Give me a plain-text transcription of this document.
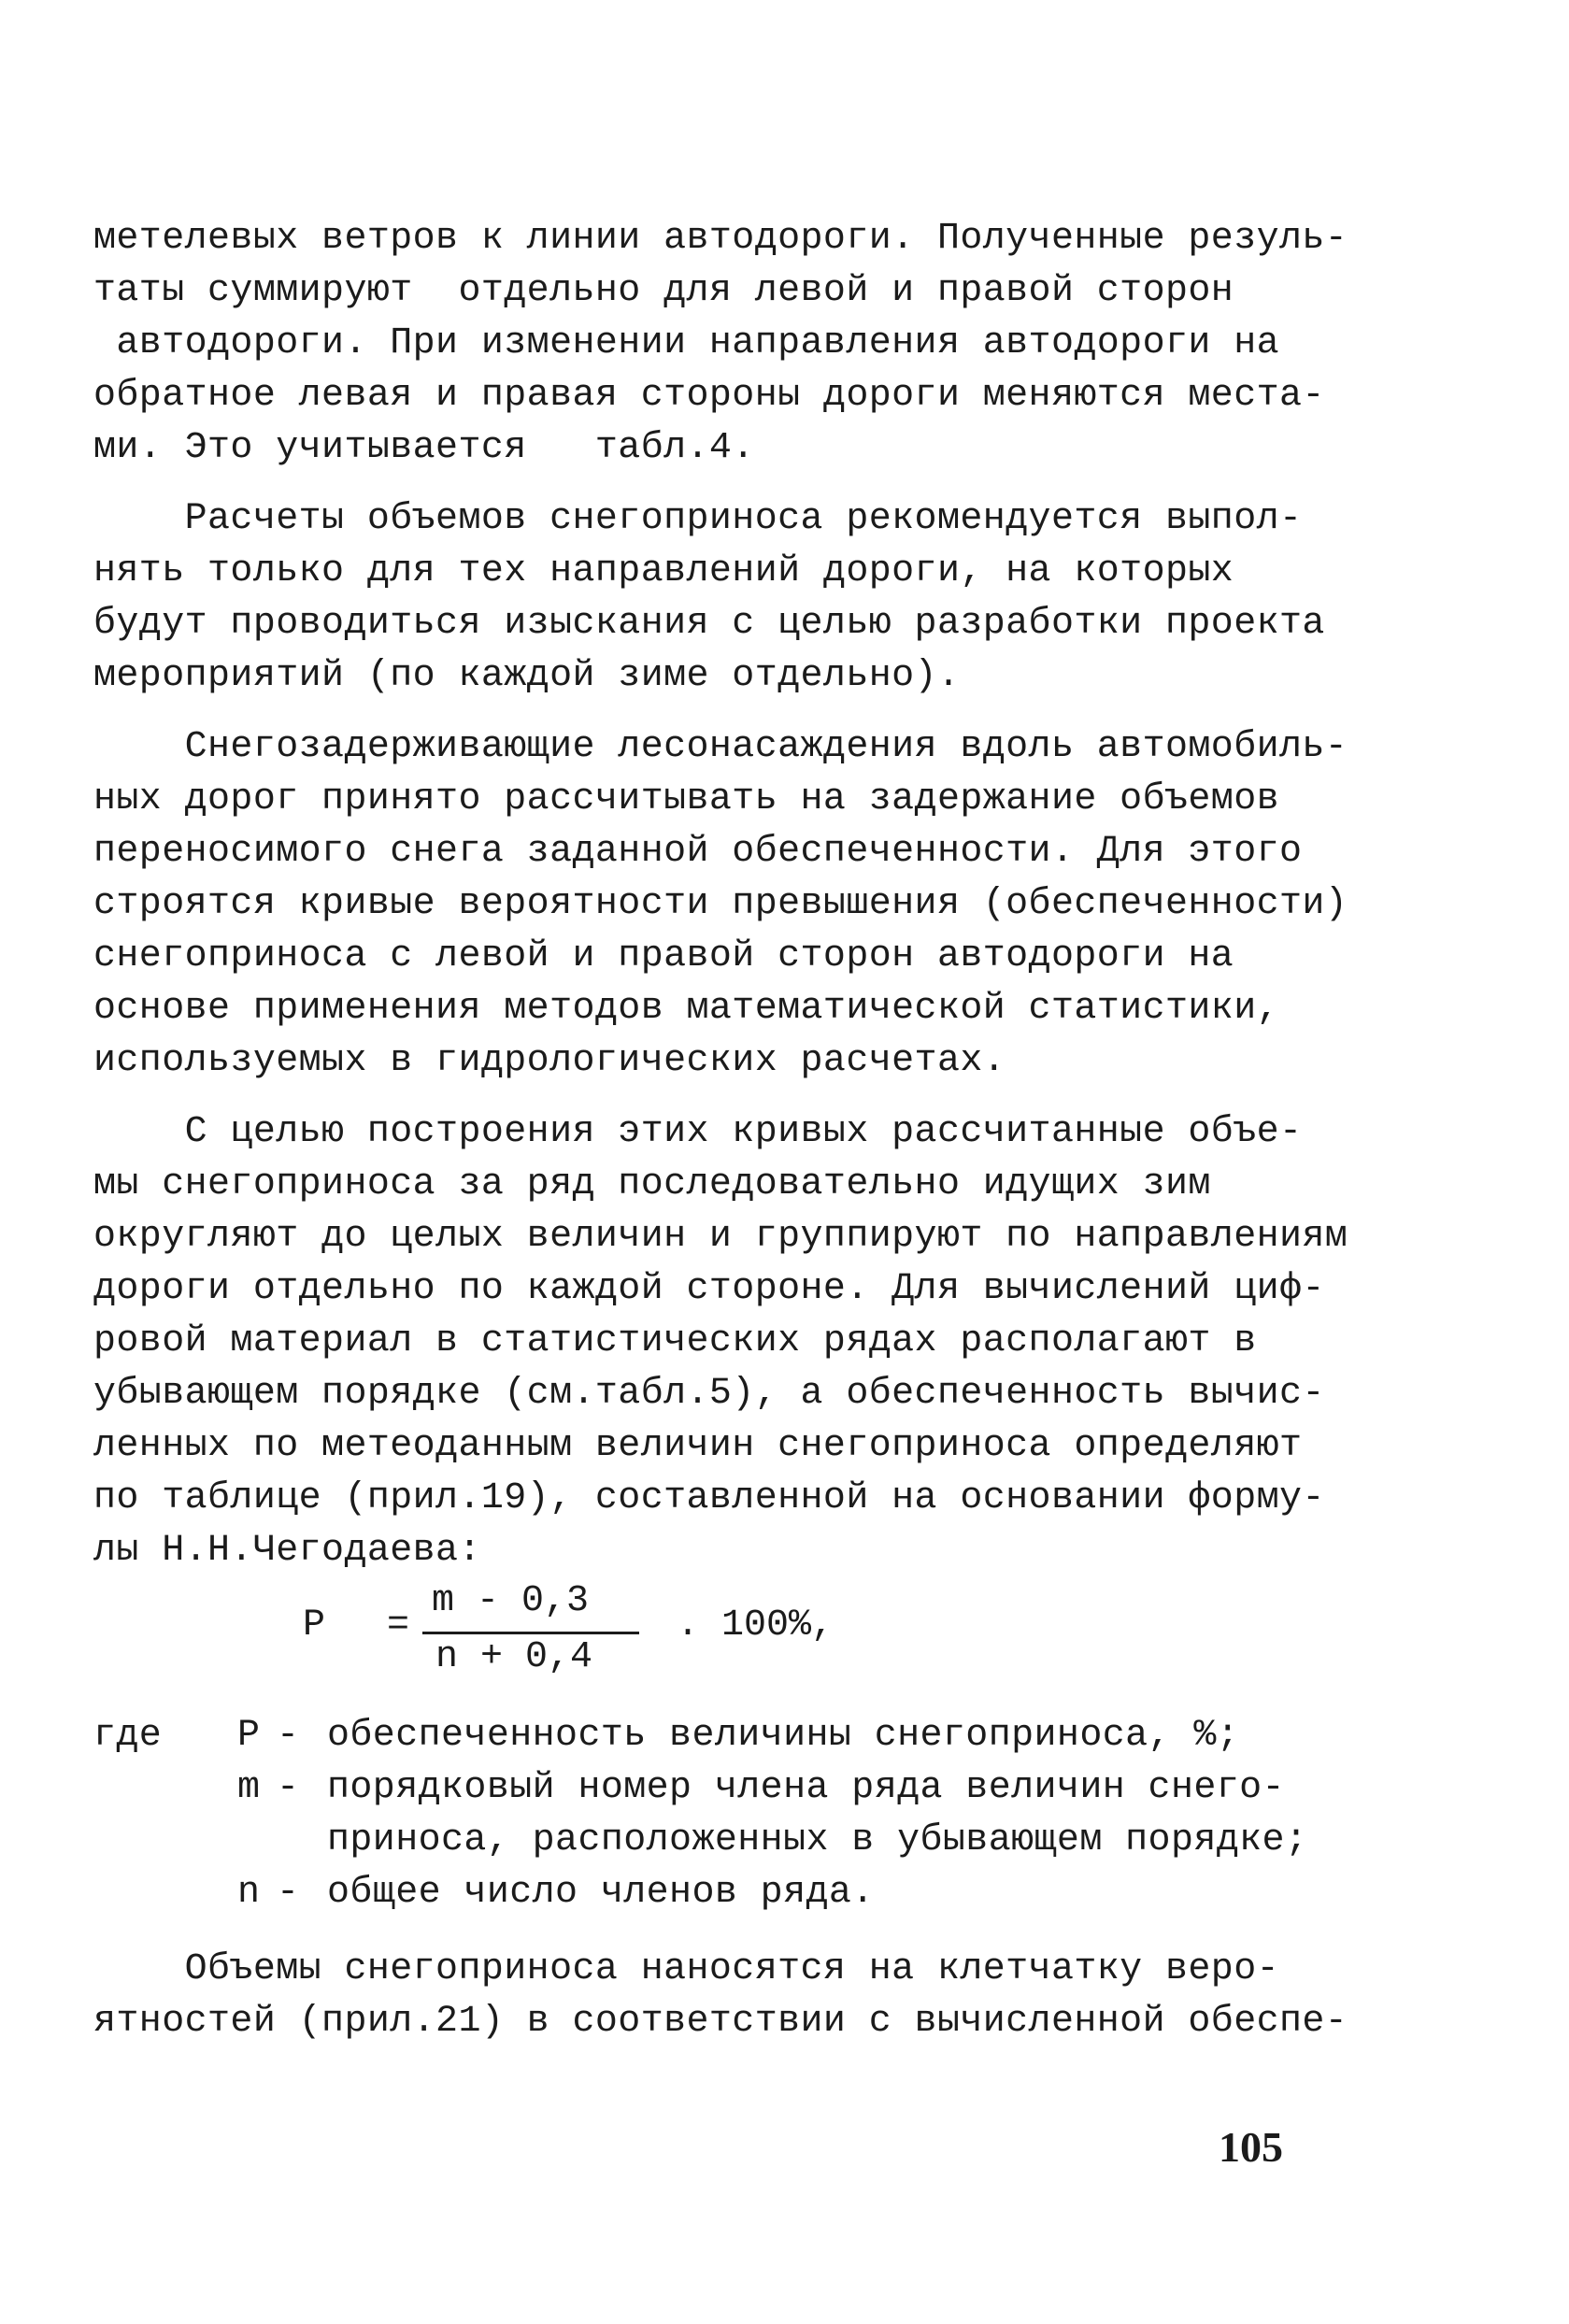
метелевых ветров к линии автодороги. Полученные резуль-
таты суммируют  отдельно для левой и правой сторон
автодороги. При изменении направления автодороги на
обратное левая и правая стороны дороги меняются места-
ми. Это учитывается   табл.4.
Расчеты объемов снегоприноса рекомендуется выпол-
нять только для тех направлений дороги, на которых
будут проводиться изыскания с целью разработки проекта
мероприятий (по каждой зиме отдельно).
Снегозадерживающие лесонасаждения вдоль автомобиль-
ных дорог принято рассчитывать на задержание объемов
переносимого снега заданной обеспеченности. Для этого
строятся кривые вероятности превышения (обеспеченности)
снегоприноса с левой и правой сторон автодороги на
основе применения методов математической статистики,
используемых в гидрологических расчетах.
С целью построения этих кривых рассчитанные объе-
мы снегоприноса за ряд последовательно идущих зим
округляют до целых величин и группируют по направлениям
дороги отдельно по каждой стороне. Для вычислений циф-
ровой материал в статистических рядах располагают в
убывающем порядке (см.табл.5), а обеспеченность вычис-
ленных по метеоданным величин снегоприноса определяют
по таблице (прил.19), составленной на основании форму-
лы Н.Н.Чегодаева:
P =
m - 0,3
n + 0,4
. 100%,
где P - обеспеченность величины снегоприноса, %;
m - порядковый номер члена ряда величин снего-
приноса, расположенных в убывающем порядке;
n - общее число членов ряда.
Объемы снегоприноса наносятся на клетчатку веро-
ятностей (прил.21) в соответствии с вычисленной обеспе-
105
